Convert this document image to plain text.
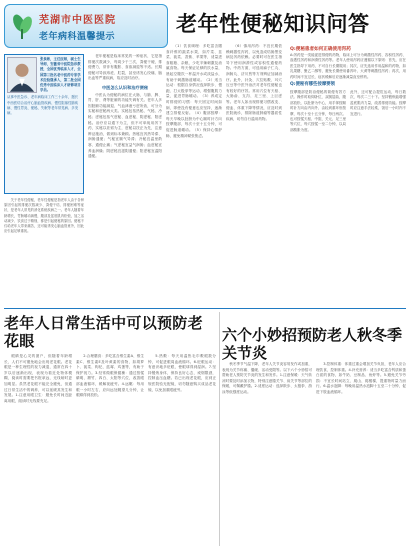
芜湖市中医医院
老年病科温馨提示
老年性便秘知识问答
张泉彬，主任医师，硕士生导师，安徽省中医院急诊教授，全国优秀临床人才，全国第三批名老中医药专家学术经验继承人，第二批全国优秀中医临床人才研修项目学员。
从事中医急诊、老年病临床工作三十余年，擅长中西医结合治疗心脑血管疾病、慢性阻塞性肺疾病、慢性胃炎、便秘、失眠等老年常见病、多发病。

关于老年性便秘，老年性便秘是指老年人由于各种原因引起的排便次数减少、粪便干结、排便困难等症状，是老年人常见的消化系统疾病之一。老年人随着年龄增长，胃肠蠕动减慢，腹部及盆底肌肉松弛，加之活动减少、饮食过于精细，都是引起便秘的原因。便秘不仅给老年人带来痛苦，还可能诱发心脑血管意外，因此应引起足够重视。

老年便秘是临床常见的一种症状，它是指排便次数减少，每周少于三次，粪便干硬，排便费力，常伴有腹胀、食欲减退等不适。长期便秘可导致痔疮、肛裂，甚至诱发心绞痛、脑出血等严重疾病，故应及时治疗。

中医怎么认识和治疗便秘

中医认为便秘的病位在大肠，与肺、脾、胃、肝、肾等脏腑的功能失调有关。老年人多因脏腑功能减退、气血津液亏虚所致，可分为实秘和虚秘两大类。实秘包括热秘、气秘、冷秘；虚秘包括气虚秘、血虚秘、阴虚秘、阳虚秘。治疗应以通下为主，但不可单纯用泻下药，实秘以祛邪为主，虚秘以扶正为先，注意辨证施治，做到标本兼顾。热秘宜泻热导滞、润肠通便；气秘宜顺气导滞；冷秘宜温里散寒、通便止痛；气虚秘宜益气润肠；血虚秘宜养血润燥；阴虚秘宜滋阴通便；阳虚秘宜温阳通便。

（1）饮食调理：多吃富含膳食纤维的蔬菜水果，如芹菜、韭菜、菠菜、香蕉、苹果等，适量进食粗粮、杂粮，少吃辛辣刺激及油腻食物。每天保证足够的饮水量，晨起空腹饮一杯温开水或淡盐水，有助于刺激肠道蠕动。（2）适当运动：根据自身情况选择散步、慢跑、打太极拳等运动，增强腹肌力量，促进胃肠蠕动。（3）养成定时排便的习惯：每天固定时间如厕，即使没有便意也应坚持，逐渐建立排便反射。（4）腹部按摩：每天早晚以肚脐为中心顺时针方向按摩腹部，每次十至十五分钟，可促进肠道蠕动。（5）保持心情舒畅，避免精神紧张焦虑。

（6）慎用泻药：不宜长期依赖刺激性泻药，以免造成结肠黑变病及泻药依赖。必要时可在医生指导下使用润滑性或容积性通便药物。中药方面，可选用麻子仁丸、润肠丸、济川煎等方剂辨证加减治疗。此外，针灸、穴位贴敷、耳穴压豆等中医外治法对老年性便秘也有较好的疗效。常用穴位有天枢、大肠俞、支沟、足三里、上巨虚等。老年人如出现排便习惯改变、便血、体重下降等情况，应及时到医院就诊，排除肠道肿瘤等器质性疾病，切勿自行滥用药物。

Q:便秘患者如何正确使用泻药
A:泻药是一类能促进排便的药物，临床上可分为刺激性泻药、容积性泻药、渗透性泻药和润滑性泻药等。老年人使用泻药应遵循以下原则：首先，应在医生指导下用药，不可自行长期服用；其次，应先选用作用温和的药物，如乳果糖、聚乙二醇等，避免长期使用番泻叶、大黄等刺激性泻药；再次，用药时间不宜过长，症状缓解后应逐渐减量直至停药。
Q:便秘有哪些按摩要领
按摩腹部是防治便秘的简便有效方法。操作时取仰卧位，双腿屈曲，腹部放松，以肚脐为中心，用手掌按顺时针方向由内向外、由轻到重环形按摩，每次十至十五分钟，每日两次。也可按揉天枢、中脘、关元、足三里等穴位，每穴按揉一至二分钟，以局部酸胀为度。
此外，还可配合提肛运动，每日数次，每次二三十下。坚持锻炼能增强盆底肌肉力量，改善排便功能。按摩时应注意手法轻柔，饭后一小时内不宜进行。
老年人日常生活中可以预防老花眼

眼睛是心灵的窗户，但随着年龄增长，人们不可避免地会出现老花眼。老花眼是一种生理性的视力减退，通常在四十岁以后逐渐出现，表现为看近处物体模糊，阅读时需要把书报拿远，光线暗时更加明显。虽然老花眼不能完全避免，但通过日常生活中的调养，可以延缓其发生和发展。1.注意用眼卫生：避免长时间近距离用眼，阅读时光线要充足。

2.合理膳食：多吃富含维生素A、维生素C、维生素E及叶黄素的食物，如胡萝卜、菠菜、枸杞、蓝莓、鸡蛋等，有助于保护视力。3.经常做眼保健操：通过按揉睛明、攒竹、四白、太阳等穴位，改善眼部血液循环，缓解视疲劳。4.远眺：每用眼一小时左右，应向远处眺望几分钟，让眼睛得到放松。

5.热敷：每天用温热毛巾敷眼数分钟，可促进眼周血液循环。6.眨眼运动：有意识地多眨眼，使眼球得到湿润。7.坚持锻炼身体，保持良好心态，戒烟限酒，控制血压血糖。若已出现老花眼，应到正规医院验光配镜，切勿随意购买成品老花镜，以免加重眼疲劳。

六个小妙招预防老人秋冬季关节炎

秋冬季节气温下降，老年人关节炎容易发作或加重，表现为关节疼痛、僵硬、活动受限等。以下六个小妙招可帮助老人预防关节炎的发生和发作。1.注意保暖：天气转凉时要及时添加衣物，特别注意膝关节、肩关节等部位的保暖，可佩戴护膝。2.适度运动：选择散步、太极拳、游泳等低强度运动。

3.控制体重：体重过重会增加关节负担，老年人应合理饮食，控制体重。4.补充营养：适当多吃富含钙质和蛋白质的食物，如牛奶、豆制品、鱼虾等。5.避免关节劳损：不宜长时间站立、爬山、爬楼梯，提重物时量力而行。6.温水泡脚：每晚用温热水泡脚十五至二十分钟，促进下肢血液循环。
